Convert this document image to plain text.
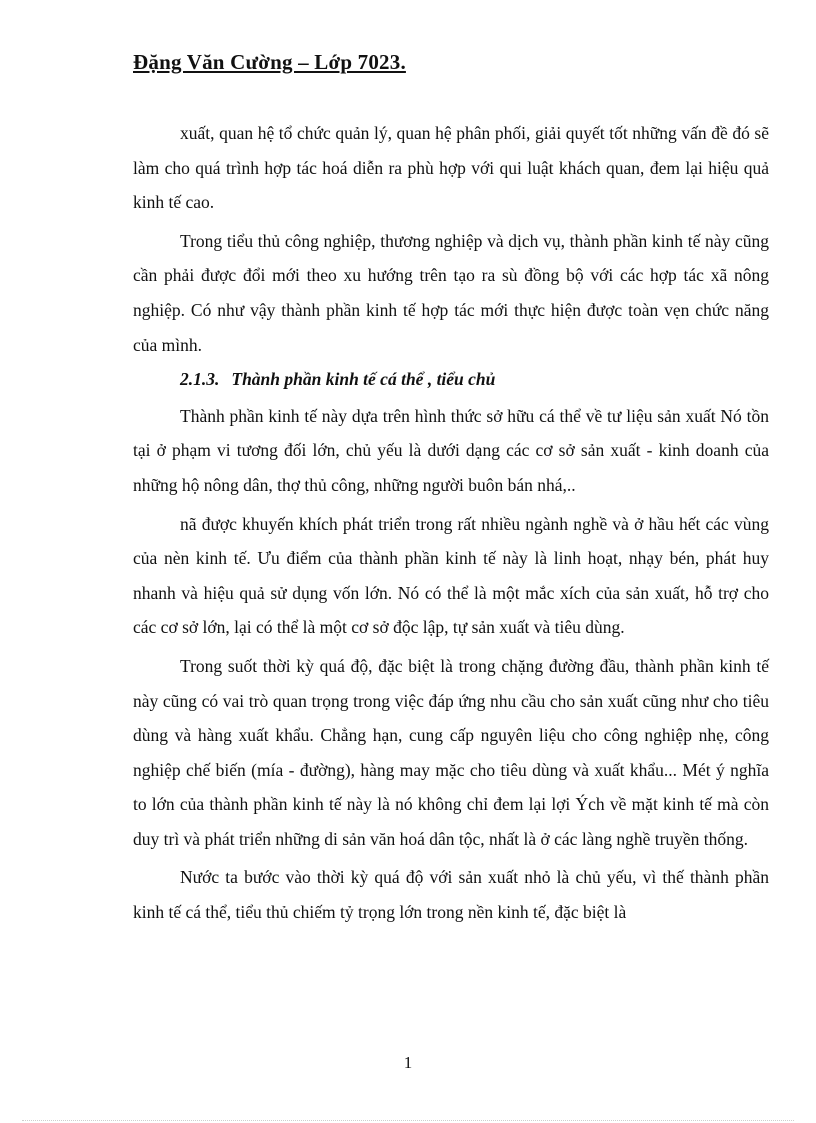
Đặng Văn Cường – Lớp 7023.

xuất, quan hệ tổ chức quản lý, quan hệ phân phối, giải quyết tốt những vấn đề đó sẽ làm cho quá trình hợp tác hoá diễn ra phù hợp với qui luật khách quan, đem lại hiệu quả kinh tế cao.

Trong tiểu thủ công nghiệp, thương nghiệp và dịch vụ, thành phần kinh tế này cũng cần phải được đổi mới theo xu hướng trên tạo ra sù đồng bộ với các hợp tác xã nông nghiệp. Có như vậy thành phần kinh tế hợp tác mới thực hiện được toàn vẹn chức năng của mình.

2.1.3. Thành phần kinh tế cá thể , tiểu chủ

Thành phần kinh tế này dựa trên hình thức sở hữu cá thể về tư liệu sản xuất Nó tồn tại ở phạm vi tương đối lớn, chủ yếu là dưới dạng các cơ sở sản xuất - kinh doanh của những hộ nông dân, thợ thủ công, những người buôn bán nhá,..

nã được khuyến khích phát triển trong rất nhiều ngành nghề và ở hầu hết các vùng của nèn kinh tế. Ưu điểm của thành phần kinh tế này là linh hoạt, nhạy bén, phát huy nhanh và hiệu quả sử dụng vốn lớn. Nó có thể là một mắc xích của sản xuất, hỗ trợ cho các cơ sở lớn, lại có thể là một cơ sở độc lập, tự sản xuất và tiêu dùng.

Trong suốt thời kỳ quá độ, đặc biệt là trong chặng đường đầu, thành phần kinh tế này cũng có vai trò quan trọng trong việc đáp ứng nhu cầu cho sản xuất cũng như cho tiêu dùng và hàng xuất khẩu. Chẳng hạn, cung cấp nguyên liệu cho công nghiệp nhẹ, công nghiệp chế biến (mía - đường), hàng may mặc cho tiêu dùng và xuất khẩu... Mét ý nghĩa to lớn của thành phần kinh tế này là nó không chỉ đem lại lợi Ých về mặt kinh tế mà còn duy trì và phát triển những di sản văn hoá dân tộc, nhất là ở các làng nghề truyền thống.

Nước ta bước vào thời kỳ quá độ với sản xuất nhỏ là chủ yếu, vì thế thành phần kinh tế cá thể, tiểu thủ chiếm tỷ trọng lớn trong nền kinh tế, đặc biệt là

1
